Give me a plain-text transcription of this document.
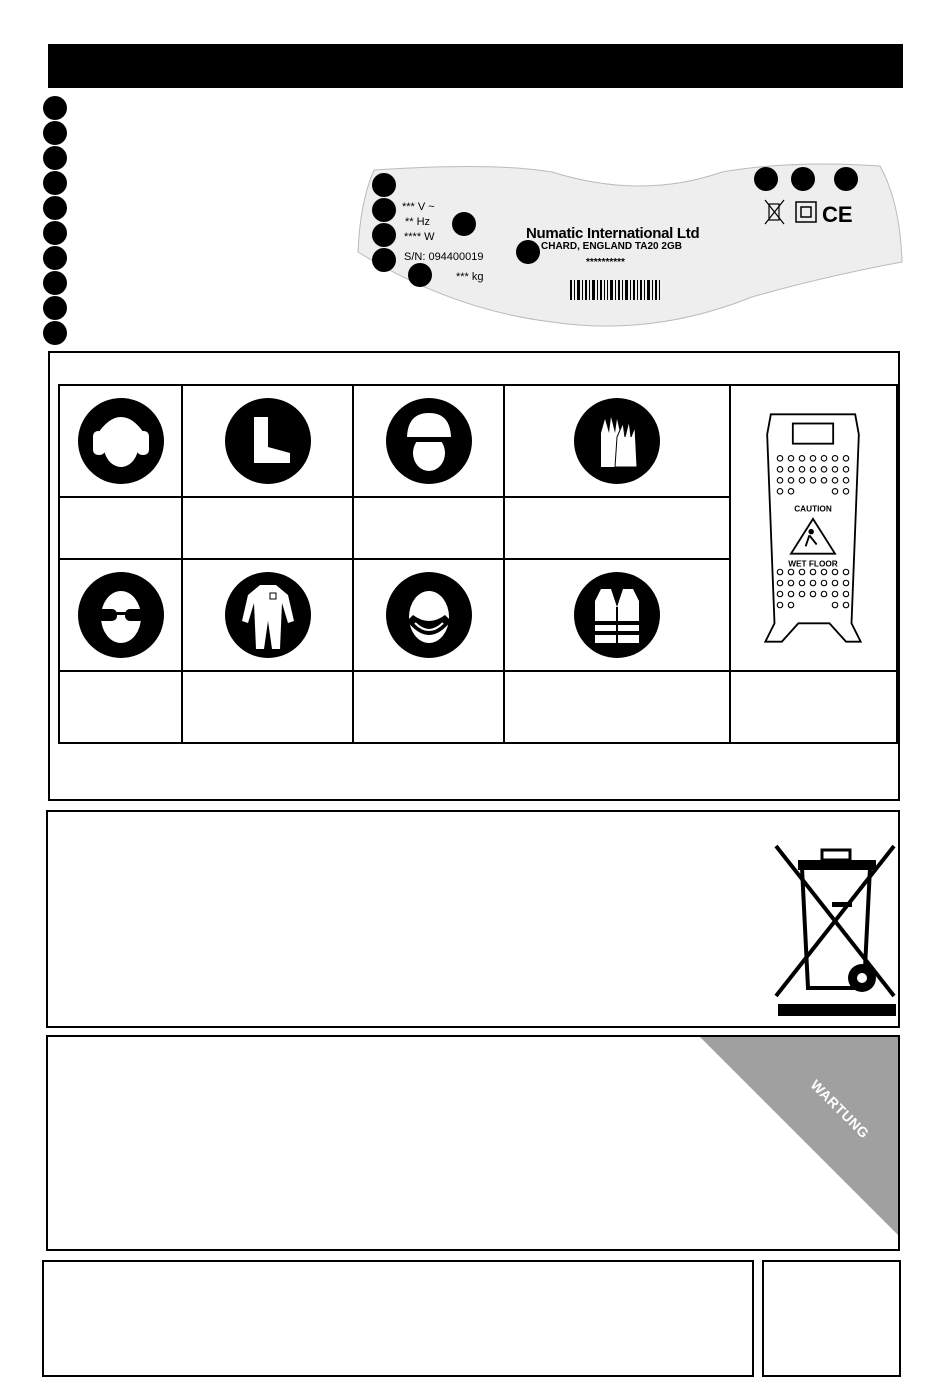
CE
*** V ~
** Hz
**** W
S/N: 094400019
*** kg
Numatic International Ltd
CHARD, ENGLAND TA20 2GB
**********

CAUTION
WET FLOOR

WARTUNG
